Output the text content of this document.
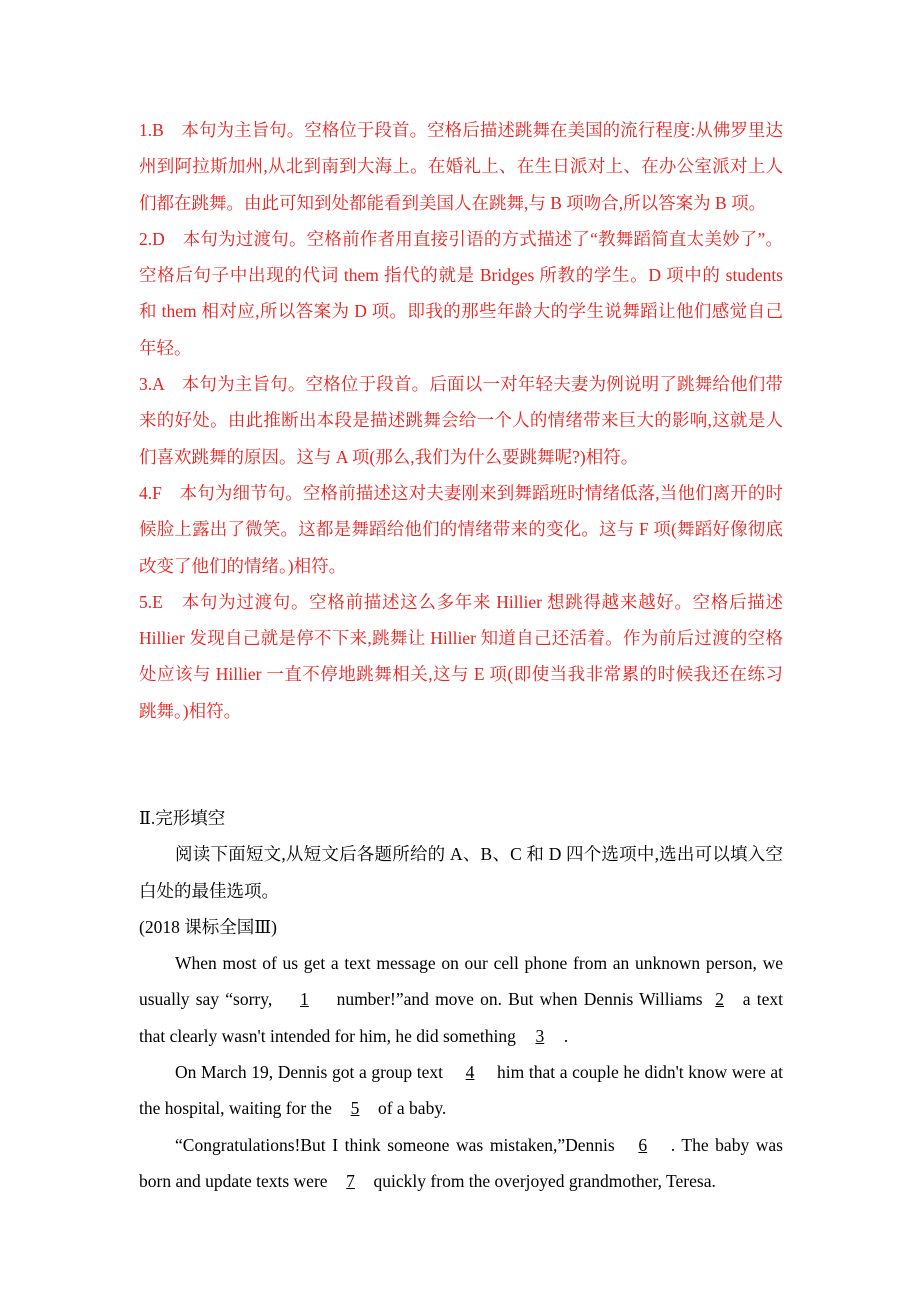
1.B　本句为主旨句。空格位于段首。空格后描述跳舞在美国的流行程度:从佛罗里达州到阿拉斯加州,从北到南到大海上。在婚礼上、在生日派对上、在办公室派对上人们都在跳舞。由此可知到处都能看到美国人在跳舞,与 B 项吻合,所以答案为 B 项。

2.D　本句为过渡句。空格前作者用直接引语的方式描述了“教舞蹈简直太美妙了”。空格后句子中出现的代词 them 指代的就是 Bridges 所教的学生。D 项中的 students 和 them 相对应,所以答案为 D 项。即我的那些年龄大的学生说舞蹈让他们感觉自己年轻。

3.A　本句为主旨句。空格位于段首。后面以一对年轻夫妻为例说明了跳舞给他们带来的好处。由此推断出本段是描述跳舞会给一个人的情绪带来巨大的影响,这就是人们喜欢跳舞的原因。这与 A 项(那么,我们为什么要跳舞呢?)相符。

4.F　本句为细节句。空格前描述这对夫妻刚来到舞蹈班时情绪低落,当他们离开的时候脸上露出了微笑。这都是舞蹈给他们的情绪带来的变化。这与 F 项(舞蹈好像彻底改变了他们的情绪。)相符。

5.E　本句为过渡句。空格前描述这么多年来 Hillier 想跳得越来越好。空格后描述 Hillier 发现自己就是停不下来,跳舞让 Hillier 知道自己还活着。作为前后过渡的空格处应该与 Hillier 一直不停地跳舞相关,这与 E 项(即使当我非常累的时候我还在练习跳舞。)相符。

Ⅱ.完形填空

阅读下面短文,从短文后各题所给的 A、B、C 和 D 四个选项中,选出可以填入空白处的最佳选项。

(2018 课标全国Ⅲ)

When most of us get a text message on our cell phone from an unknown person, we usually say “sorry, 1 number!”and move on. But when Dennis Williams 2 a text that clearly wasn't intended for him, he did something 3 .

On March 19, Dennis got a group text 4 him that a couple he didn't know were at the hospital, waiting for the 5 of a baby.

“Congratulations!But I think someone was mistaken,”Dennis 6 . The baby was born and update texts were 7 quickly from the overjoyed grandmother, Teresa.
